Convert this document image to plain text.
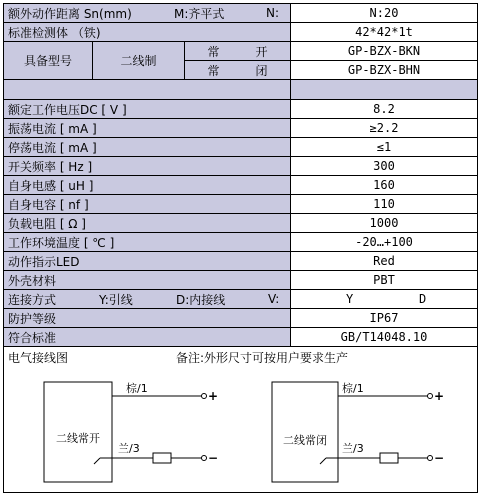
额外动作距离 Sn(mm)	M:齐平式	N:	N:20
标准检测体 （铁)	42*42*1t
具备型号	二线制
常　　　开	GP-BZX-BKN
常　　　闭	GP-BZX-BHN
额定工作电压DC [ V ]	8.2
振荡电流 [ mA ]	≥2.2
停荡电流 [ mA ]	≤1
开关频率 [ Hz ]	300
自身电感 [ uH ]	160
自身电容 [ nf ]	110
负载电阻 [ Ω ]	1000
工作环境温度 [ ℃ ]	-20…+100
动作指示LED	Red
外壳材料	PBT
连接方式	Y:引线	D:内接线	V:	Y	D
防护等级	IP67
符合标准	GB/T14048.10
电气接线图	备注:外形尺寸可按用户要求生产
二线常开
+
棕/1
−
兰/3
二线常闭
+
棕/1
−
兰/3
